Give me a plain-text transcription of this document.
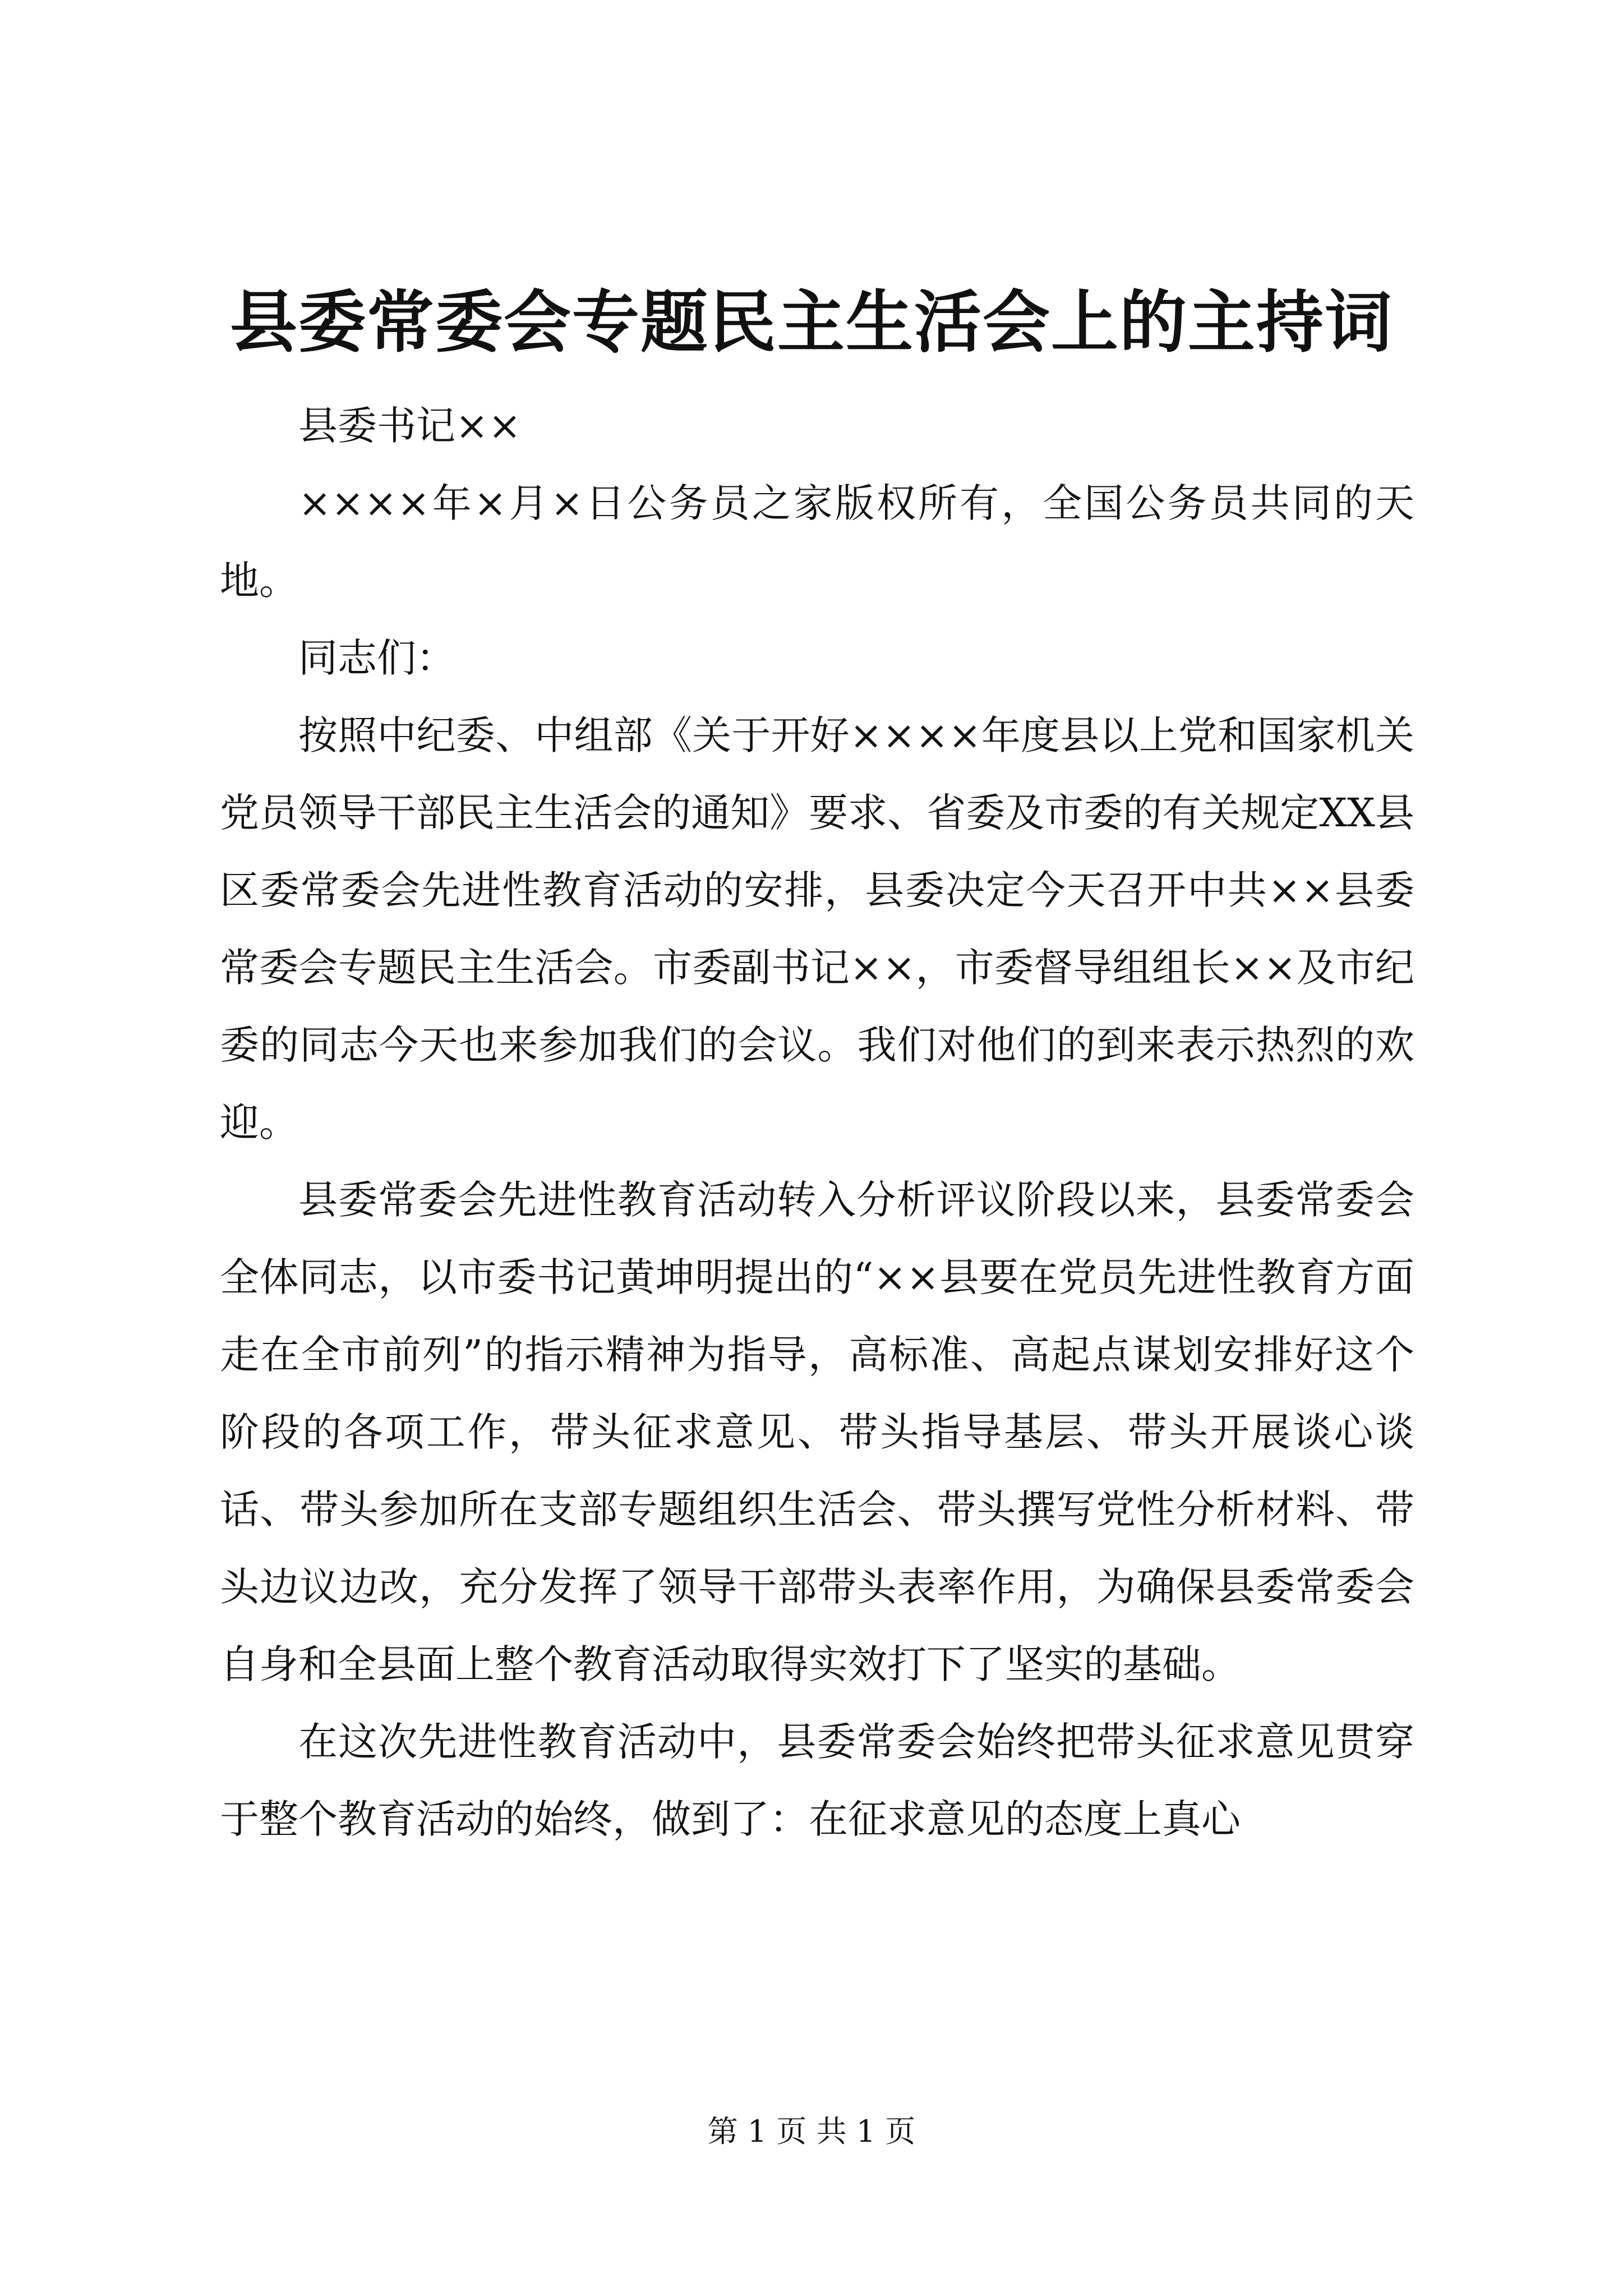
县委常委会专题民主生活会上的主持词

县委书记××

××××年×月×日公务员之家版权所有，全国公务员共同的天地。

同志们：

按照中纪委、中组部《关于开好××××年度县以上党和国家机关党员领导干部民主生活会的通知》要求、省委及市委的有关规定XX县区委常委会先进性教育活动的安排，县委决定今天召开中共××县委常委会专题民主生活会。市委副书记××，市委督导组组长××及市纪委的同志今天也来参加我们的会议。我们对他们的到来表示热烈的欢迎。

县委常委会先进性教育活动转入分析评议阶段以来，县委常委会全体同志，以市委书记黄坤明提出的“××县要在党员先进性教育方面走在全市前列”的指示精神为指导，高标准、高起点谋划安排好这个阶段的各项工作，带头征求意见、带头指导基层、带头开展谈心谈话、带头参加所在支部专题组织生活会、带头撰写党性分析材料、带头边议边改，充分发挥了领导干部带头表率作用，为确保县委常委会自身和全县面上整个教育活动取得实效打下了坚实的基础。

在这次先进性教育活动中，县委常委会始终把带头征求意见贯穿于整个教育活动的始终，做到了：在征求意见的态度上真心

第 1 页 共 1 页
